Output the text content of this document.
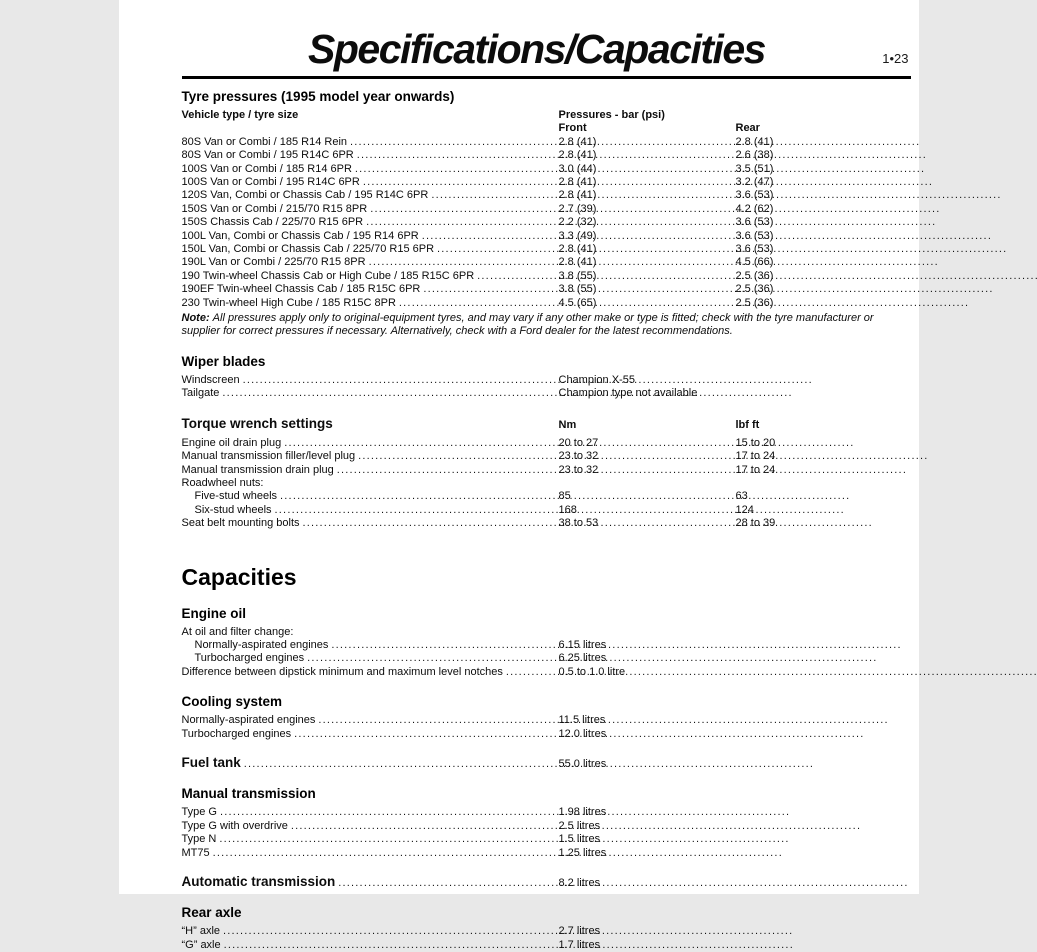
Specifications/Capacities	1•23
Tyre pressures (1995 model year onwards)
Vehicle type / tyre size	Pressures - bar (psi)
Front	Rear
80S Van or Combi / 185 R14 Rein .....	2.8 (41)	2.8 (41)
80S Van or Combi / 195 R14C 6PR .....	2.8 (41)	2.6 (38)
100S Van or Combi / 185 R14 6PR .....	3.0 (44)	3.5 (51)
100S Van or Combi / 195 R14C 6PR .....	2.8 (41)	3.2 (47)
120S Van, Combi or Chassis Cab / 195 R14C 6PR .....	2.8 (41)	3.6 (53)
150S Van or Combi / 215/70 R15 8PR .....	2.7 (39)	4.2 (62)
150S Chassis Cab / 225/70 R15 6PR .....	2.2 (32)	3.6 (53)
100L Van, Combi or Chassis Cab / 195 R14 6PR .....	3.3 (49)	3.6 (53)
150L Van, Combi or Chassis Cab / 225/70 R15 6PR .....	2.8 (41)	3.6 (53)
190L Van or Combi / 225/70 R15 8PR .....	2.8 (41)	4.5 (66)
190 Twin-wheel Chassis Cab or High Cube / 185 R15C 6PR .....	3.8 (55)	2.5 (36)
190EF Twin-wheel Chassis Cab / 185 R15C 6PR .....	3.8 (55)	2.5 (36)
230 Twin-wheel High Cube / 185 R15C 8PR .....	4.5 (65)	2.5 (36)

Note: All pressures apply only to original-equipment tyres, and may vary if any other make or type is fitted; check with the tyre manufacturer or supplier for correct pressures if necessary. Alternatively, check with a Ford dealer for the latest recommendations.

Wiper blades
Windscreen .....	Champion X-55
Tailgate .....	Champion type not available
Torque wrench settings	Nm	lbf ft
Engine oil drain plug .....	20 to 27	15 to 20
Manual transmission filler/level plug .....	23 to 32	17 to 24
Manual transmission drain plug .....	23 to 32	17 to 24
Roadwheel nuts:
Five-stud wheels .....	85	63
Six-stud wheels .....	168	124
Seat belt mounting bolts .....	38 to 53	28 to 39
Capacities
Engine oil
At oil and filter change:
Normally-aspirated engines .....	6.15 litres
Turbocharged engines .....	6.25 litres
Difference between dipstick minimum and maximum level notches .....	0.5 to 1.0 litre
Cooling system
Normally-aspirated engines .....	11.5 litres
Turbocharged engines .....	12.0 litres
Fuel tank .....	55.0 litres
Manual transmission
Type G .....	1.98 litres
Type G with overdrive .....	2.5 litres
Type N .....	1.5 litres
MT75 .....	1.25 litres
Automatic transmission .....	8.2 litres
Rear axle
“H” axle .....	2.7 litres
“G” axle .....	1.7 litres
